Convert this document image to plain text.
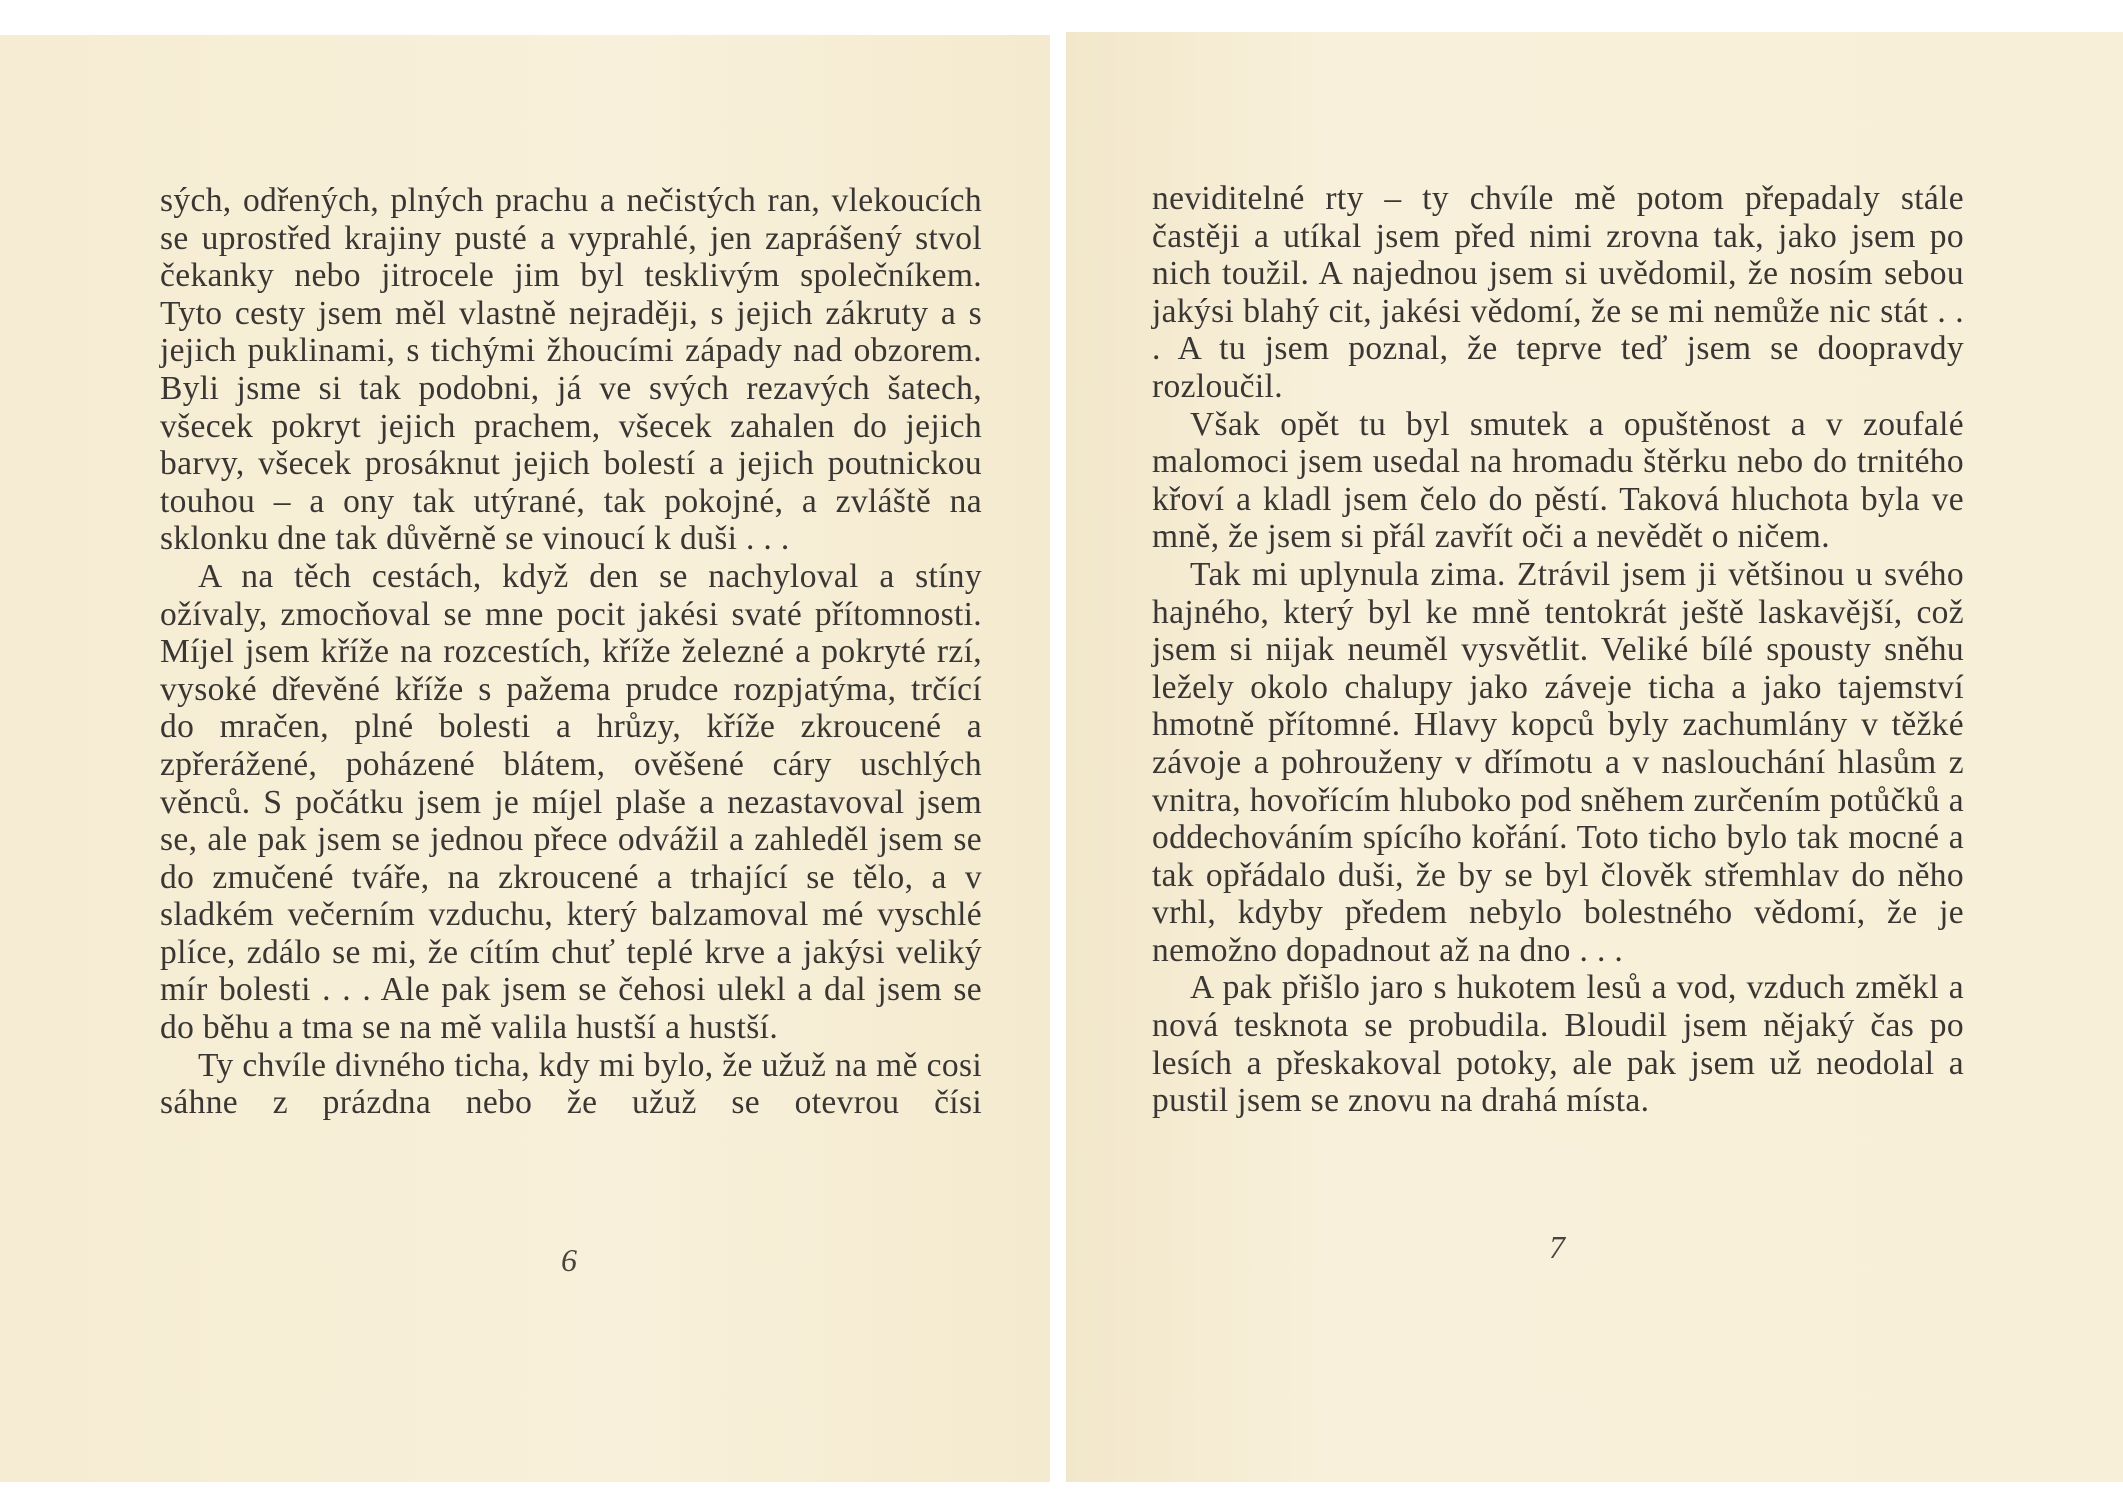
sých, odřených, plných prachu a nečistých ran, vlekoucích se uprostřed krajiny pusté a vyprahlé, jen zaprášený stvol čekanky nebo jitrocele jim byl tesklivým společníkem. Tyto cesty jsem měl vlastně nejraději, s jejich zákruty a s jejich puklinami, s tichými žhoucími západy nad obzorem. Byli jsme si tak podobni, já ve svých rezavých šatech, všecek pokryt jejich prachem, všecek zahalen do jejich barvy, všecek prosáknut jejich bolestí a jejich poutnickou touhou – a ony tak utýrané, tak pokojné, a zvláště na sklonku dne tak důvěrně se vinoucí k duši . . .

A na těch cestách, když den se nachyloval a stíny ožívaly, zmocňoval se mne pocit jakési svaté přítomnosti. Míjel jsem kříže na rozcestích, kříže železné a pokryté rzí, vysoké dřevěné kříže s pažema prudce rozpjatýma, trčící do mračen, plné bolesti a hrůzy, kříže zkroucené a zpřerážené, poházené blátem, ověšené cáry uschlých věnců. S počátku jsem je míjel plaše a nezastavoval jsem se, ale pak jsem se jednou přece odvážil a zahleděl jsem se do zmučené tváře, na zkroucené a trhající se tělo, a v sladkém večerním vzduchu, který balzamoval mé vyschlé plíce, zdálo se mi, že cítím chuť teplé krve a jakýsi veliký mír bolesti . . . Ale pak jsem se čehosi ulekl a dal jsem se do běhu a tma se na mě valila hustší a hustší.

Ty chvíle divného ticha, kdy mi bylo, že užuž na mě cosi sáhne z prázdna nebo že užuž se otevrou čísi

6

neviditelné rty – ty chvíle mě potom přepadaly stále častěji a utíkal jsem před nimi zrovna tak, jako jsem po nich toužil. A najednou jsem si uvědomil, že nosím sebou jakýsi blahý cit, jakési vědomí, že se mi nemůže nic stát . . . A tu jsem poznal, že teprve teď jsem se doopravdy rozloučil.

Však opět tu byl smutek a opuštěnost a v zoufalé malomoci jsem usedal na hromadu štěrku nebo do trnitého křoví a kladl jsem čelo do pěstí. Taková hluchota byla ve mně, že jsem si přál zavřít oči a nevědět o ničem.

Tak mi uplynula zima. Ztrávil jsem ji většinou u svého hajného, který byl ke mně tentokrát ještě laskavější, což jsem si nijak neuměl vysvětlit. Veliké bílé spousty sněhu ležely okolo chalupy jako záveje ticha a jako tajemství hmotně přítomné. Hlavy kopců byly zachumlány v těžké závoje a pohrouženy v dřímotu a v naslouchání hlasům z vnitra, hovořícím hluboko pod sněhem zurčením potůčků a oddechováním spícího kořání. Toto ticho bylo tak mocné a tak opřádalo duši, že by se byl člověk střemhlav do něho vrhl, kdyby předem nebylo bolestného vědomí, že je nemožno dopadnout až na dno . . .

A pak přišlo jaro s hukotem lesů a vod, vzduch změkl a nová tesknota se probudila. Bloudil jsem nějaký čas po lesích a přeskakoval potoky, ale pak jsem už neodolal a pustil jsem se znovu na drahá místa.

7
